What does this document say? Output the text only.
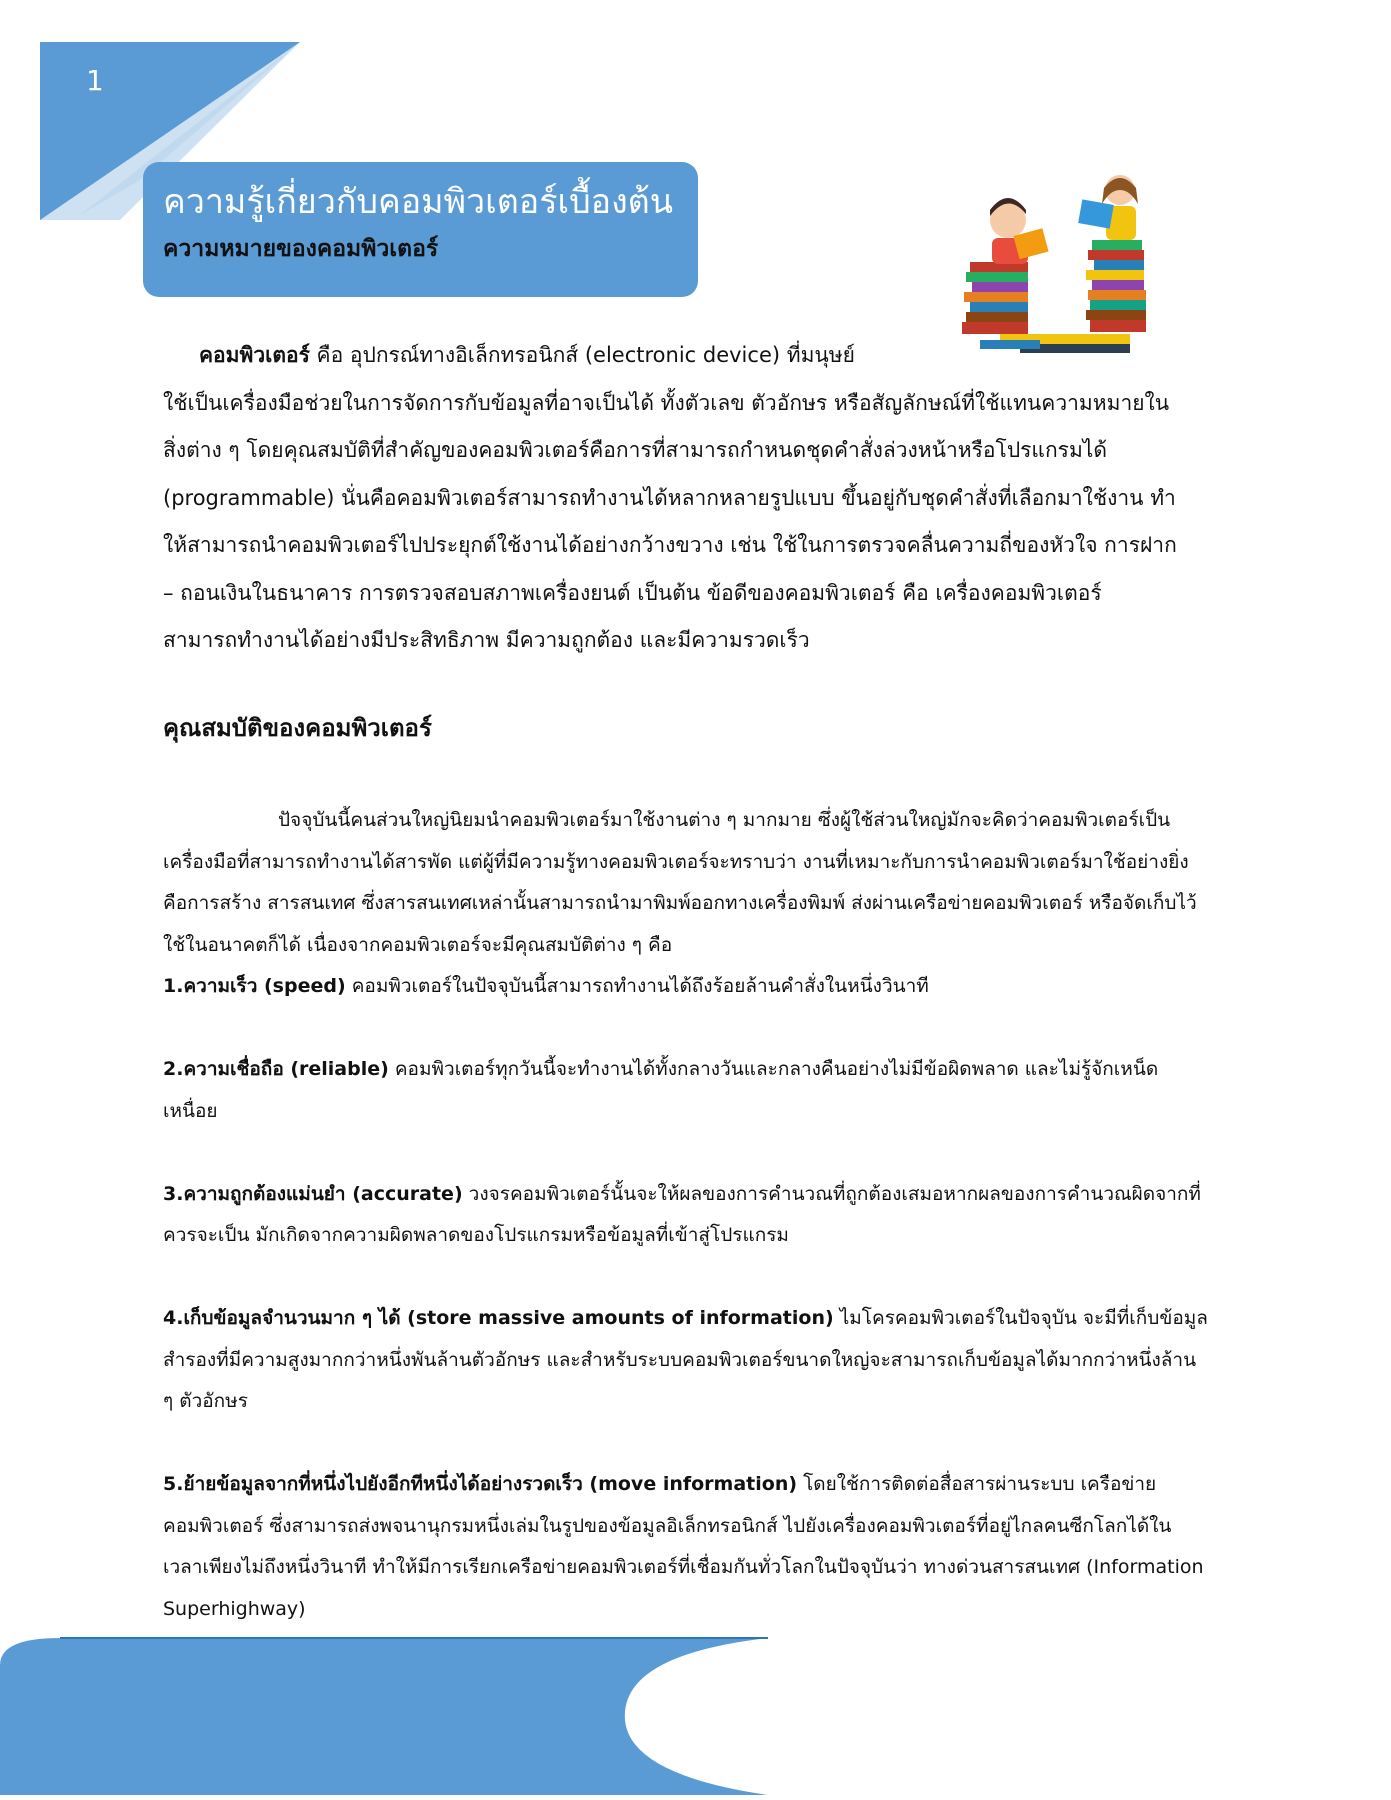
1
ความรู้เกี่ยวกับคอมพิวเตอร์เบื้องต้น
ความหมายของคอมพิวเตอร์
คอมพิวเตอร์ คือ อุปกรณ์ทางอิเล็กทรอนิกส์ (electronic device) ที่มนุษย์
ใช้เป็นเครื่องมือช่วยในการจัดการกับข้อมูลที่อาจเป็นได้ ทั้งตัวเลข ตัวอักษร หรือสัญลักษณ์ที่ใช้แทนความหมายใน
สิ่งต่าง ๆ โดยคุณสมบัติที่สำคัญของคอมพิวเตอร์คือการที่สามารถกำหนดชุดคำสั่งล่วงหน้าหรือโปรแกรมได้
(programmable) นั่นคือคอมพิวเตอร์สามารถทำงานได้หลากหลายรูปแบบ ขึ้นอยู่กับชุดคำสั่งที่เลือกมาใช้งาน ทำ
ให้สามารถนำคอมพิวเตอร์ไปประยุกต์ใช้งานได้อย่างกว้างขวาง เช่น ใช้ในการตรวจคลื่นความถี่ของหัวใจ การฝาก
– ถอนเงินในธนาคาร การตรวจสอบสภาพเครื่องยนต์ เป็นต้น ข้อดีของคอมพิวเตอร์ คือ เครื่องคอมพิวเตอร์
สามารถทำงานได้อย่างมีประสิทธิภาพ มีความถูกต้อง และมีความรวดเร็ว
คุณสมบัติของคอมพิวเตอร์

ปัจจุบันนี้คนส่วนใหญ่นิยมนำคอมพิวเตอร์มาใช้งานต่าง ๆ มากมาย ซึ่งผู้ใช้ส่วนใหญ่มักจะคิดว่าคอมพิวเตอร์เป็น

เครื่องมือที่สามารถทำงานได้สารพัด แต่ผู้ที่มีความรู้ทางคอมพิวเตอร์จะทราบว่า งานที่เหมาะกับการนำคอมพิวเตอร์มาใช้อย่างยิ่ง

คือการสร้าง สารสนเทศ ซึ่งสารสนเทศเหล่านั้นสามารถนำมาพิมพ์ออกทางเครื่องพิมพ์ ส่งผ่านเครือข่ายคอมพิวเตอร์ หรือจัดเก็บไว้

ใช้ในอนาคตก็ได้ เนื่องจากคอมพิวเตอร์จะมีคุณสมบัติต่าง ๆ คือ

1.ความเร็ว (speed) คอมพิวเตอร์ในปัจจุบันนี้สามารถทำงานได้ถึงร้อยล้านคำสั่งในหนึ่งวินาที

2.ความเชื่อถือ (reliable) คอมพิวเตอร์ทุกวันนี้จะทำงานได้ทั้งกลางวันและกลางคืนอย่างไม่มีข้อผิดพลาด และไม่รู้จักเหน็ด

เหนื่อย

3.ความถูกต้องแม่นยำ (accurate) วงจรคอมพิวเตอร์นั้นจะให้ผลของการคำนวณที่ถูกต้องเสมอหากผลของการคำนวณผิดจากที่

ควรจะเป็น มักเกิดจากความผิดพลาดของโปรแกรมหรือข้อมูลที่เข้าสู่โปรแกรม

4.เก็บข้อมูลจำนวนมาก ๆ ได้ (store massive amounts of information) ไมโครคอมพิวเตอร์ในปัจจุบัน จะมีที่เก็บข้อมูล

สำรองที่มีความสูงมากกว่าหนึ่งพันล้านตัวอักษร และสำหรับระบบคอมพิวเตอร์ขนาดใหญ่จะสามารถเก็บข้อมูลได้มากกว่าหนึ่งล้าน

ๆ ตัวอักษร

5.ย้ายข้อมูลจากที่หนึ่งไปยังอีกทีหนึ่งได้อย่างรวดเร็ว (move information) โดยใช้การติดต่อสื่อสารผ่านระบบ เครือข่าย

คอมพิวเตอร์ ซึ่งสามารถส่งพจนานุกรมหนึ่งเล่มในรูปของข้อมูลอิเล็กทรอนิกส์ ไปยังเครื่องคอมพิวเตอร์ที่อยู่ไกลคนซีกโลกได้ใน

เวลาเพียงไม่ถึงหนึ่งวินาที ทำให้มีการเรียกเครือข่ายคอมพิวเตอร์ที่เชื่อมกันทั่วโลกในปัจจุบันว่า ทางด่วนสารสนเทศ (Information

Superhighway)
